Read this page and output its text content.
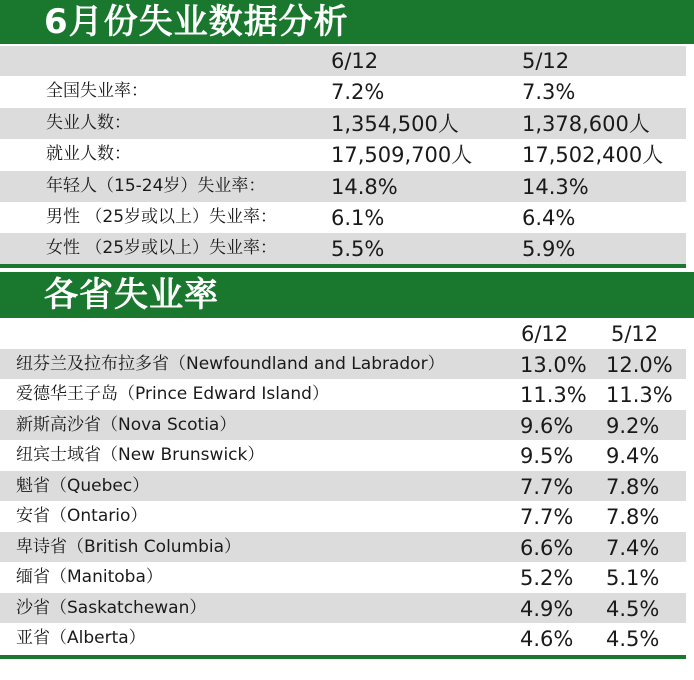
6月份失业数据分析
6/12	5/12
全国失业率：	7.2%	7.3%
失业人数：	1,354,500人	1,378,600人
就业人数：	17,509,700人 17,502,400人
年轻人（15-24岁）失业率：	14.8%	14.3%
男性 （25岁或以上）失业率：	6.1%	6.4%
女性 （25岁或以上）失业率：	5.5%	5.9%
各省失业率
6/12 5/12
纽芬兰及拉布拉多省（Newfoundland and Labrador）	13.0% 12.0%
爱德华王子岛（Prince Edward Island）	11.3% 11.3%
新斯高沙省（Nova Scotia）	9.6% 9.2%
纽宾士域省（New Brunswick）	9.5% 9.4%
魁省（Quebec）	7.7% 7.8%
安省（Ontario）	7.7% 7.8%
卑诗省（British Columbia）	6.6% 7.4%
缅省（Manitoba）	5.2% 5.1%
沙省（Saskatchewan）	4.9% 4.5%
亚省（Alberta）	4.6% 4.5%
